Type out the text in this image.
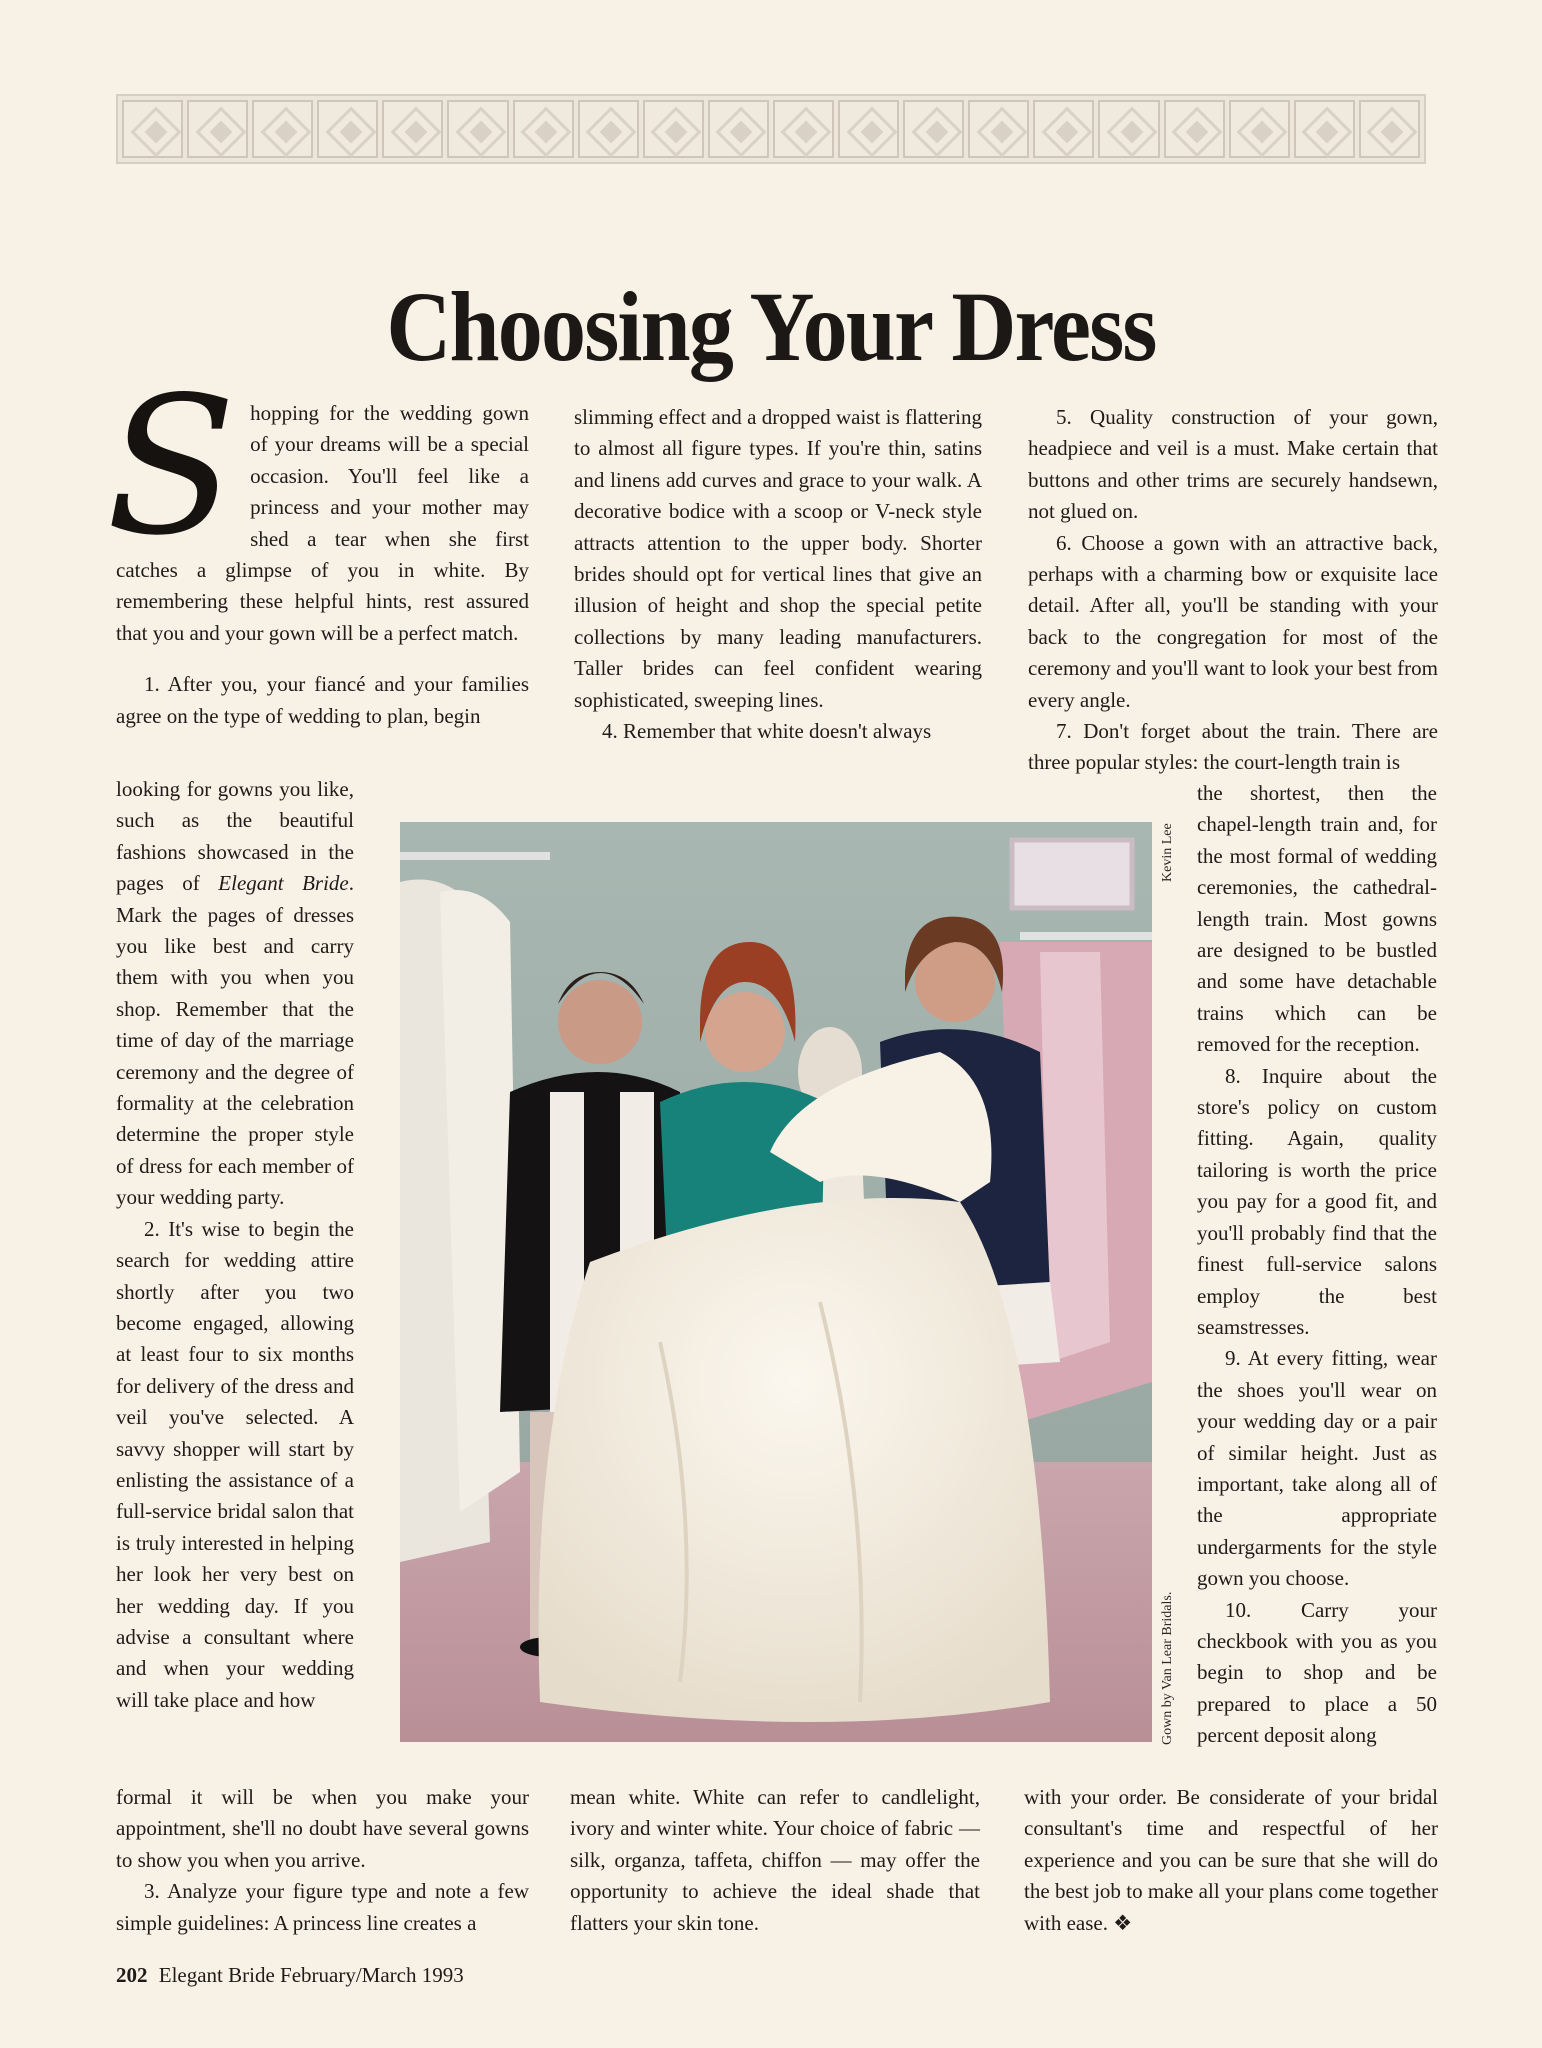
Choosing Your Dress

Shopping for the wedding gown of your dreams will be a special occasion. You'll feel like a princess and your mother may shed a tear when she first catches a glimpse of you in white. By remembering these helpful hints, rest assured that you and your gown will be a perfect match.

1. After you, your fiancé and your families agree on the type of wedding to plan, begin

looking for gowns you like, such as the beautiful fashions showcased in the pages of Elegant Bride. Mark the pages of dresses you like best and carry them with you when you shop. Remember that the time of day of the marriage ceremony and the degree of formality at the celebration determine the proper style of dress for each member of your wedding party.

2. It's wise to begin the search for wedding attire shortly after you two become engaged, allowing at least four to six months for delivery of the dress and veil you've selected. A savvy shopper will start by enlisting the assistance of a full-service bridal salon that is truly interested in helping her look her very best on her wedding day. If you advise a consultant where and when your wedding will take place and how

formal it will be when you make your appointment, she'll no doubt have several gowns to show you when you arrive.

3. Analyze your figure type and note a few simple guidelines: A princess line creates a

slimming effect and a dropped waist is flattering to almost all figure types. If you're thin, satins and linens add curves and grace to your walk. A decorative bodice with a scoop or V-neck style attracts attention to the upper body. Shorter brides should opt for vertical lines that give an illusion of height and shop the special petite collections by many leading manufacturers. Taller brides can feel confident wearing sophisticated, sweeping lines.

4. Remember that white doesn't always

mean white. White can refer to candlelight, ivory and winter white. Your choice of fabric — silk, organza, taffeta, chiffon — may offer the opportunity to achieve the ideal shade that flatters your skin tone.

5. Quality construction of your gown, headpiece and veil is a must. Make certain that buttons and other trims are securely handsewn, not glued on.

6. Choose a gown with an attractive back, perhaps with a charming bow or exquisite lace detail. After all, you'll be standing with your back to the congregation for most of the ceremony and you'll want to look your best from every angle.

7. Don't forget about the train. There are three popular styles: the court-length train is

the shortest, then the chapel-length train and, for the most formal of wedding ceremonies, the cathedral-length train. Most gowns are designed to be bustled and some have detachable trains which can be removed for the reception.

8. Inquire about the store's policy on custom fitting. Again, quality tailoring is worth the price you pay for a good fit, and you'll probably find that the finest full-service salons employ the best seamstresses.

9. At every fitting, wear the shoes you'll wear on your wedding day or a pair of similar height. Just as important, take along all of the appropriate undergarments for the style gown you choose.

10. Carry your checkbook with you as you begin to shop and be prepared to place a 50 percent deposit along

with your order. Be considerate of your bridal consultant's time and respectful of her experience and you can be sure that she will do the best job to make all your plans come together with ease. ❖

Kevin Lee
Gown by Van Lear Bridals.
202 Elegant Bride February/March 1993
